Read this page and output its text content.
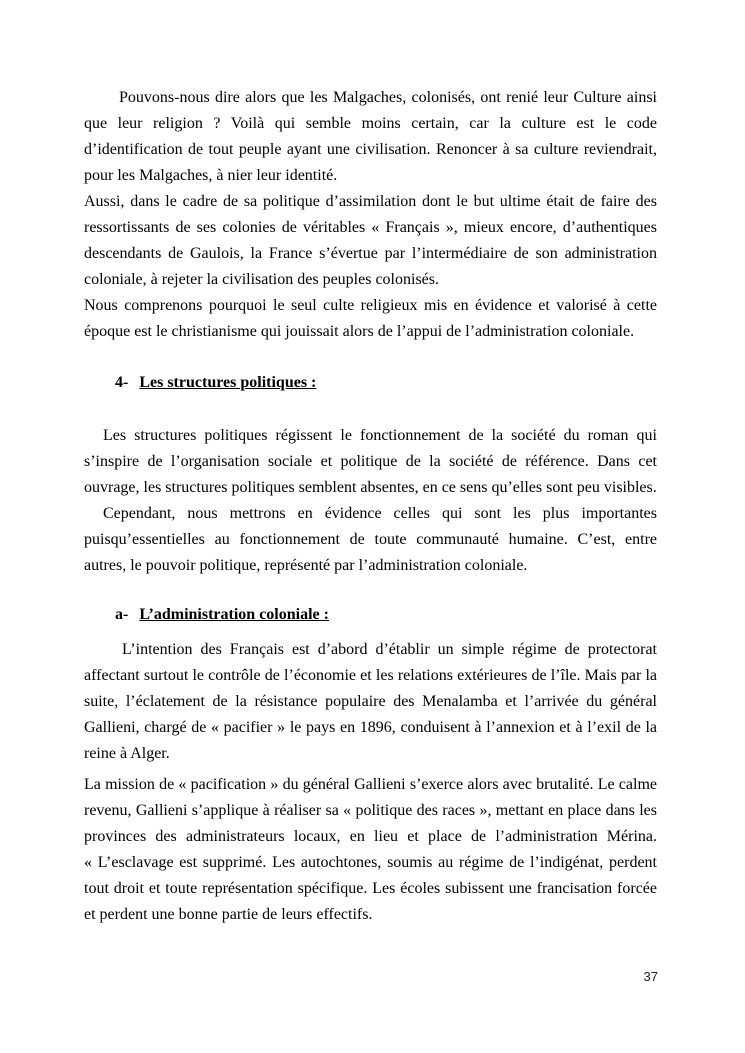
Pouvons-nous dire alors que les Malgaches, colonisés, ont renié leur Culture ainsi que leur religion ? Voilà qui semble moins certain, car la culture est le code d’identification de tout peuple ayant une civilisation. Renoncer à sa culture reviendrait, pour les Malgaches, à nier leur identité.

Aussi, dans le cadre de sa politique d’assimilation dont le but ultime était de faire des ressortissants de ses colonies de véritables « Français », mieux encore, d’authentiques descendants de Gaulois, la France s’évertue par l’intermédiaire de son administration coloniale, à rejeter la civilisation des peuples colonisés.

Nous comprenons pourquoi le seul culte religieux mis en évidence et valorisé à cette époque est le christianisme qui jouissait alors de l’appui de l’administration coloniale.

4- Les structures politiques :

Les structures politiques régissent le fonctionnement de la société du roman qui s’inspire de l’organisation sociale et politique de la société de référence. Dans cet ouvrage, les structures politiques semblent absentes, en ce sens qu’elles sont peu visibles.

Cependant, nous mettrons en évidence celles qui sont les plus importantes puisqu’essentielles au fonctionnement de toute communauté humaine. C’est, entre autres, le pouvoir politique, représenté par l’administration coloniale.

a- L’administration coloniale :

L’intention des Français est d’abord d’établir un simple régime de protectorat affectant surtout le contrôle de l’économie et les relations extérieures de l’île. Mais par la suite, l’éclatement de la résistance populaire des Menalamba et l’arrivée du général Gallieni, chargé de « pacifier » le pays en 1896, conduisent à l’annexion et à l’exil de la reine à Alger.

La mission de « pacification » du général Gallieni s’exerce alors avec brutalité. Le calme revenu, Gallieni s’applique à réaliser sa « politique des races », mettant en place dans les provinces des administrateurs locaux, en lieu et place de l’administration Mérina. « L’esclavage est supprimé. Les autochtones, soumis au régime de l’indigénat, perdent tout droit et toute représentation spécifique. Les écoles subissent une francisation forcée et perdent une bonne partie de leurs effectifs.

37
